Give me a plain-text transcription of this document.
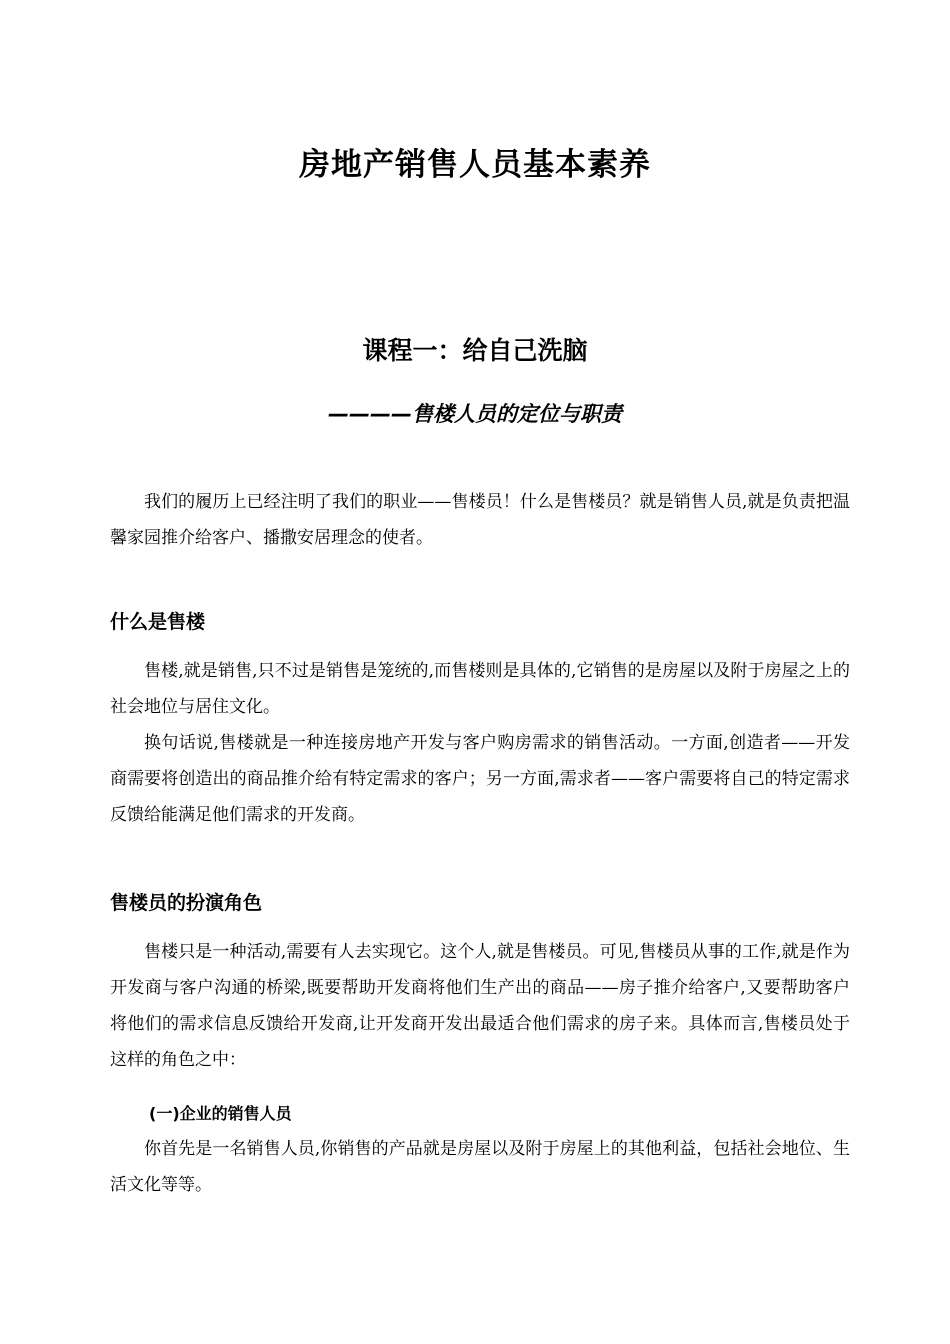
房地产销售人员基本素养
课程一：给自己洗脑
————售楼人员的定位与职责

我们的履历上已经注明了我们的职业——售楼员！什么是售楼员？就是销售人员,就是负责把温馨家园推介给客户、播撒安居理念的使者。

什么是售楼

售楼,就是销售,只不过是销售是笼统的,而售楼则是具体的,它销售的是房屋以及附于房屋之上的社会地位与居住文化。

换句话说,售楼就是一种连接房地产开发与客户购房需求的销售活动。一方面,创造者——开发商需要将创造出的商品推介给有特定需求的客户；另一方面,需求者——客户需要将自己的特定需求反馈给能满足他们需求的开发商。

售楼员的扮演角色

售楼只是一种活动,需要有人去实现它。这个人,就是售楼员。可见,售楼员从事的工作,就是作为开发商与客户沟通的桥梁,既要帮助开发商将他们生产出的商品——房子推介给客户,又要帮助客户将他们的需求信息反馈给开发商,让开发商开发出最适合他们需求的房子来。具体而言,售楼员处于这样的角色之中：

(一)企业的销售人员

你首先是一名销售人员,你销售的产品就是房屋以及附于房屋上的其他利益，包括社会地位、生活文化等等。
